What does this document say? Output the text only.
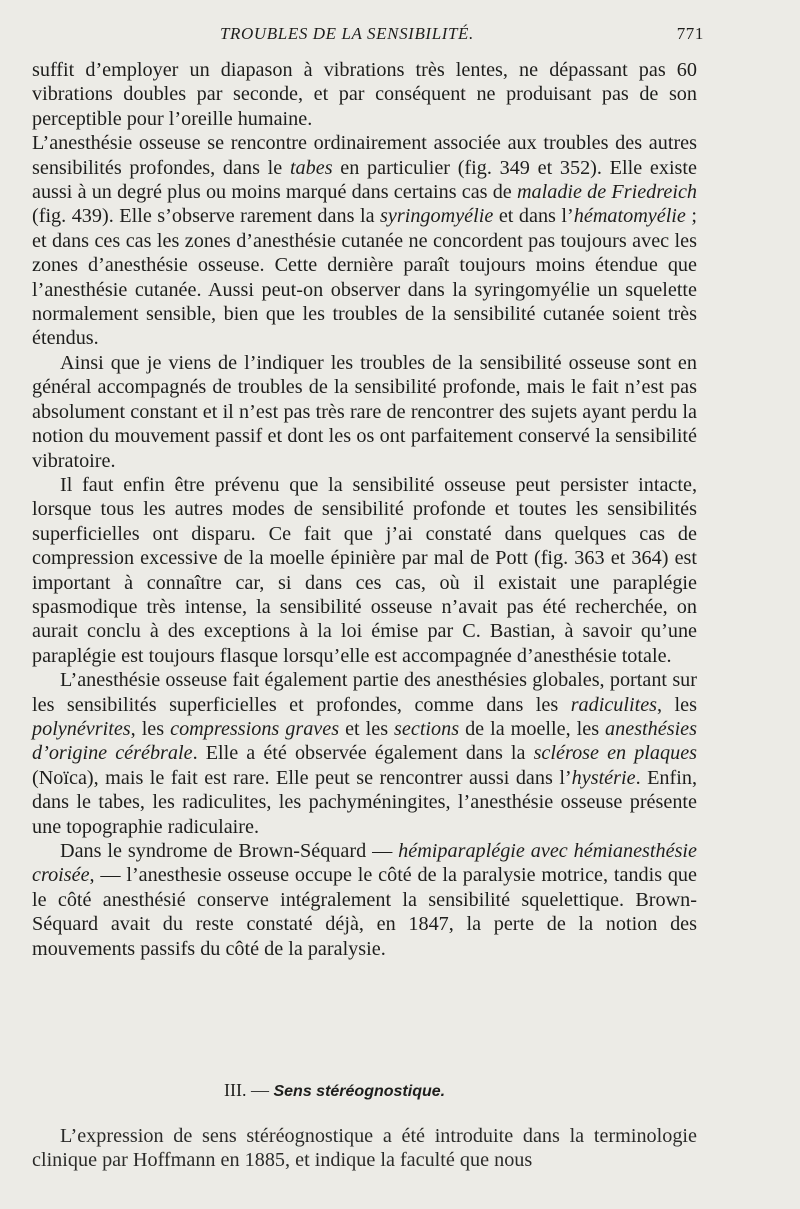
TROUBLES DE LA SENSIBILITÉ.	771

suffit d’employer un diapason à vibrations très lentes, ne dépassant pas 60 vibrations doubles par seconde, et par conséquent ne produisant pas de son perceptible pour l’oreille humaine.

L’anesthésie osseuse se rencontre ordinairement associée aux troubles des autres sensibilités profondes, dans le tabes en particulier (fig. 349 et 352). Elle existe aussi à un degré plus ou moins marqué dans certains cas de maladie de Friedreich (fig. 439). Elle s’observe rarement dans la syringomyélie et dans l’hématomyélie ; et dans ces cas les zones d’anesthésie cutanée ne concordent pas toujours avec les zones d’anesthésie osseuse. Cette dernière paraît toujours moins étendue que l’anesthésie cutanée. Aussi peut-on observer dans la syringomyélie un squelette normalement sensible, bien que les troubles de la sensibilité cutanée soient très étendus.

Ainsi que je viens de l’indiquer les troubles de la sensibilité osseuse sont en général accompagnés de troubles de la sensibilité profonde, mais le fait n’est pas absolument constant et il n’est pas très rare de rencontrer des sujets ayant perdu la notion du mouvement passif et dont les os ont parfaitement conservé la sensibilité vibratoire.

Il faut enfin être prévenu que la sensibilité osseuse peut persister intacte, lorsque tous les autres modes de sensibilité profonde et toutes les sensibilités superficielles ont disparu. Ce fait que j’ai constaté dans quelques cas de compression excessive de la moelle épinière par mal de Pott (fig. 363 et 364) est important à connaître car, si dans ces cas, où il existait une paraplégie spasmodique très intense, la sensibilité osseuse n’avait pas été recherchée, on aurait conclu à des exceptions à la loi émise par C. Bastian, à savoir qu’une paraplégie est toujours flasque lorsqu’elle est accompagnée d’anesthésie totale.

L’anesthésie osseuse fait également partie des anesthésies globales, portant sur les sensibilités superficielles et profondes, comme dans les radiculites, les polynévrites, les compressions graves et les sections de la moelle, les anesthésies d’origine cérébrale. Elle a été observée également dans la sclérose en plaques (Noïca), mais le fait est rare. Elle peut se rencontrer aussi dans l’hystérie. Enfin, dans le tabes, les radiculites, les pachyméningites, l’anesthésie osseuse présente une topographie radiculaire.

Dans le syndrome de Brown-Séquard — hémiparaplégie avec hémianesthésie croisée, — l’anesthesie osseuse occupe le côté de la paralysie motrice, tandis que le côté anesthésié conserve intégralement la sensibilité squelettique. Brown-Séquard avait du reste constaté déjà, en 1847, la perte de la notion des mouvements passifs du côté de la paralysie.

III. — Sens stéréognostique.

L’expression de sens stéréognostique a été introduite dans la terminologie clinique par Hoffmann en 1885, et indique la faculté que nous
